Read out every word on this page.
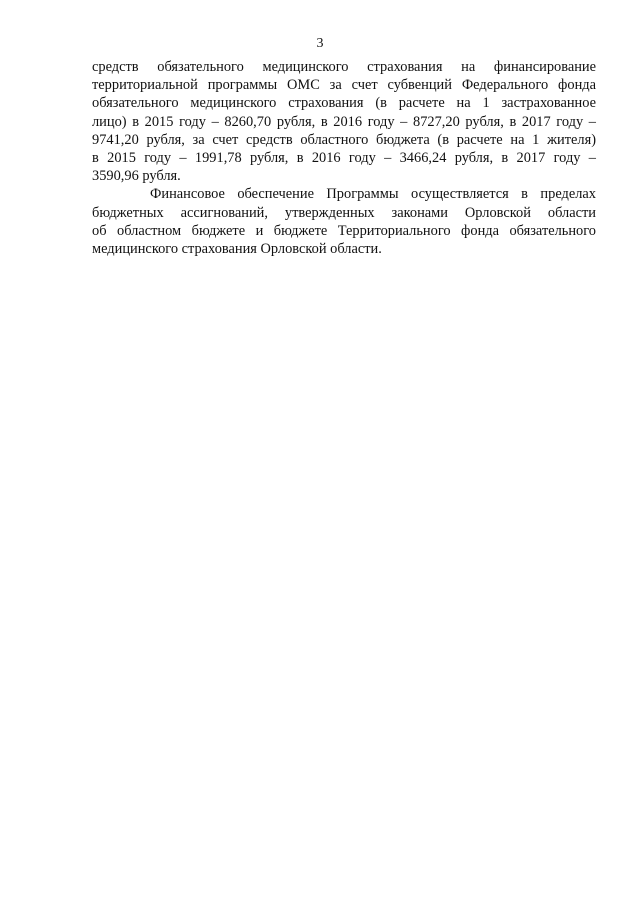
3
средств обязательного медицинского страхования на финансирование
территориальной программы ОМС за счет субвенций Федерального фонда
обязательного медицинского страхования (в расчете на 1 застрахованное
лицо) в 2015 году – 8260,70 рубля, в 2016 году – 8727,20 рубля, в 2017 году –
9741,20 рубля, за счет средств областного бюджета (в расчете на 1 жителя)
в 2015 году – 1991,78 рубля, в 2016 году – 3466,24 рубля, в 2017 году –
3590,96 рубля.
Финансовое обеспечение Программы осуществляется в пределах
бюджетных ассигнований, утвержденных законами Орловской области
об областном бюджете и бюджете Территориального фонда обязательного
медицинского страхования Орловской области.
